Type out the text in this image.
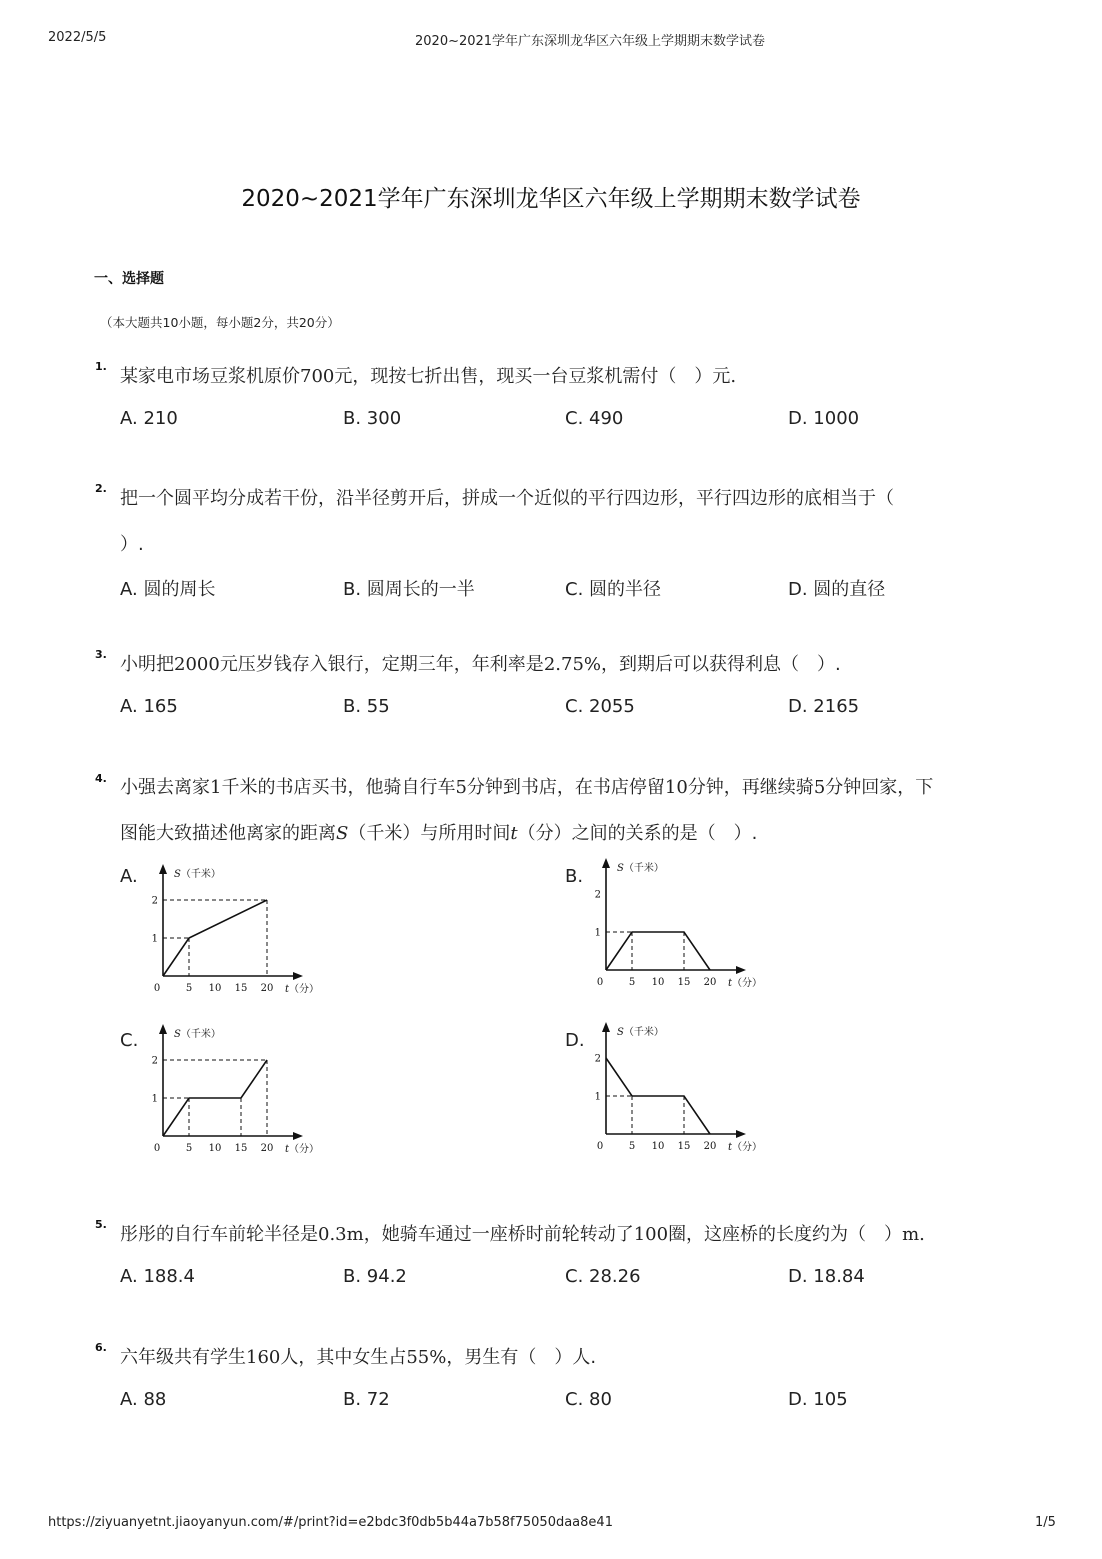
2022/5/5	2020~2021学年广东深圳龙华区六年级上学期期末数学试卷
2020~2021学年广东深圳龙华区六年级上学期期末数学试卷
一、选择题
（本大题共10小题，每小题2分，共20分）
1. 某家电市场豆浆机原价700元，现按七折出售，现买一台豆浆机需付（　）元.
A. 210	B. 300	C. 490	D. 1000
2. 把一个圆平均分成若干份，沿半径剪开后，拼成一个近似的平行四边形，平行四边形的底相当于（
）.
A. 圆的周长	B. 圆周长的一半	C. 圆的半径	D. 圆的直径
3. 小明把2000元压岁钱存入银行，定期三年，年利率是2.75%，到期后可以获得利息（　）.
A. 165	B. 55	C. 2055	D. 2165
4. 小强去离家1千米的书店买书，他骑自行车5分钟到书店，在书店停留10分钟，再继续骑5分钟回家，下
图能大致描述他离家的距离S（千米）与所用时间t（分）之间的关系的是（　）.
A.	B.
C.	D.
S（千米）
t（分）
0	5 10 15 20
1
2
S（千米）
t（分）
0	5 10 15 20
1
2
S（千米）
t（分）
0	5 10 15 20
1
2
S（千米）
t（分）
0	5 10 15 20
1
2
5. 彤彤的自行车前轮半径是0.3m，她骑车通过一座桥时前轮转动了100圈，这座桥的长度约为（　）m.
A. 188.4	B. 94.2	C. 28.26	D. 18.84
6. 六年级共有学生160人，其中女生占55%，男生有（　）人.
A. 88	B. 72	C. 80	D. 105
https://ziyuanyetnt.jiaoyanyun.com/#/print?id=e2bdc3f0db5b44a7b58f75050daa8e41	1/5
